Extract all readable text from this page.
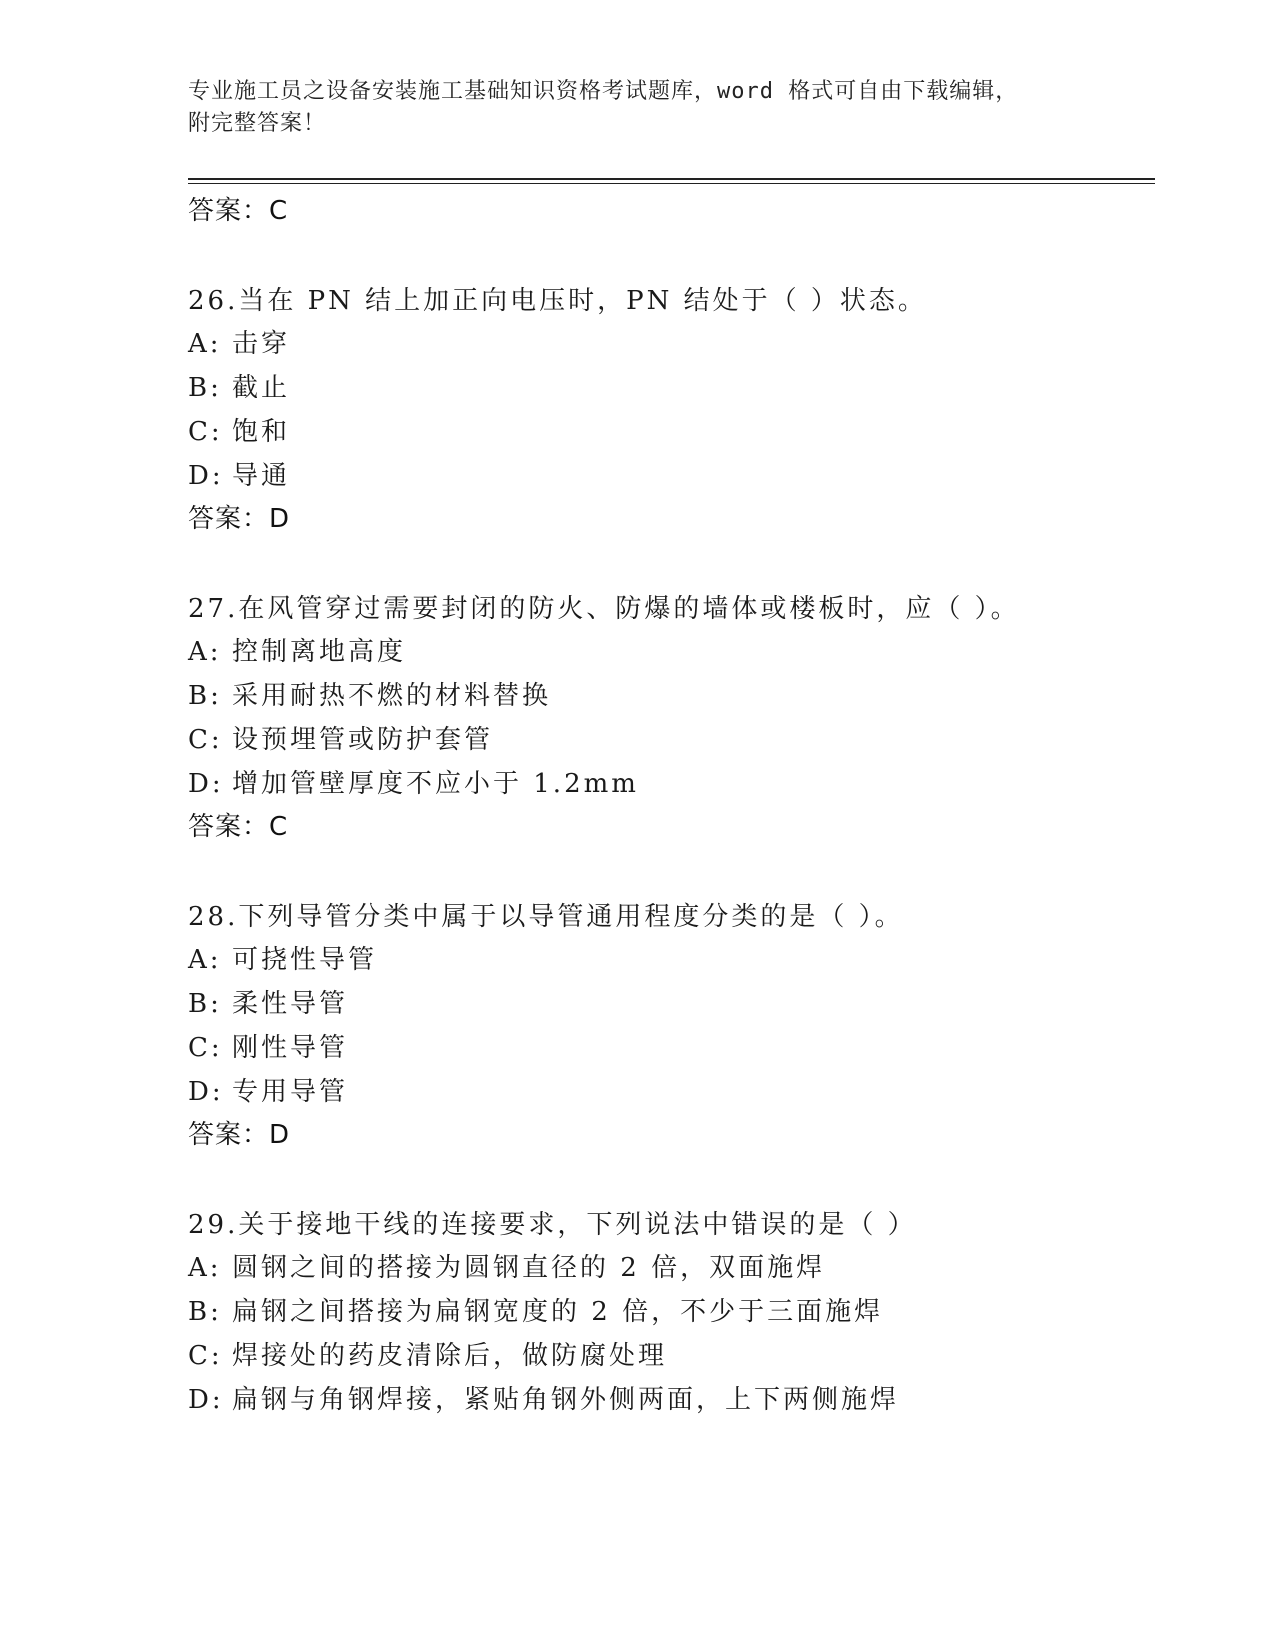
专业施工员之设备安装施工基础知识资格考试题库，word 格式可自由下载编辑，
附完整答案！

答案：C

26.当在 PN 结上加正向电压时，PN 结处于（ ）状态。

A: 击穿

B: 截止

C: 饱和

D: 导通

答案：D

27.在风管穿过需要封闭的防火、防爆的墙体或楼板时，应（ ）。

A: 控制离地高度

B: 采用耐热不燃的材料替换

C: 设预埋管或防护套管

D: 增加管壁厚度不应小于 1.2mm

答案：C

28.下列导管分类中属于以导管通用程度分类的是（ ）。

A: 可挠性导管

B: 柔性导管

C: 刚性导管

D: 专用导管

答案：D

29.关于接地干线的连接要求，下列说法中错误的是（ ）

A: 圆钢之间的搭接为圆钢直径的 2 倍，双面施焊

B: 扁钢之间搭接为扁钢宽度的 2 倍，不少于三面施焊

C: 焊接处的药皮清除后，做防腐处理

D: 扁钢与角钢焊接，紧贴角钢外侧两面，上下两侧施焊
